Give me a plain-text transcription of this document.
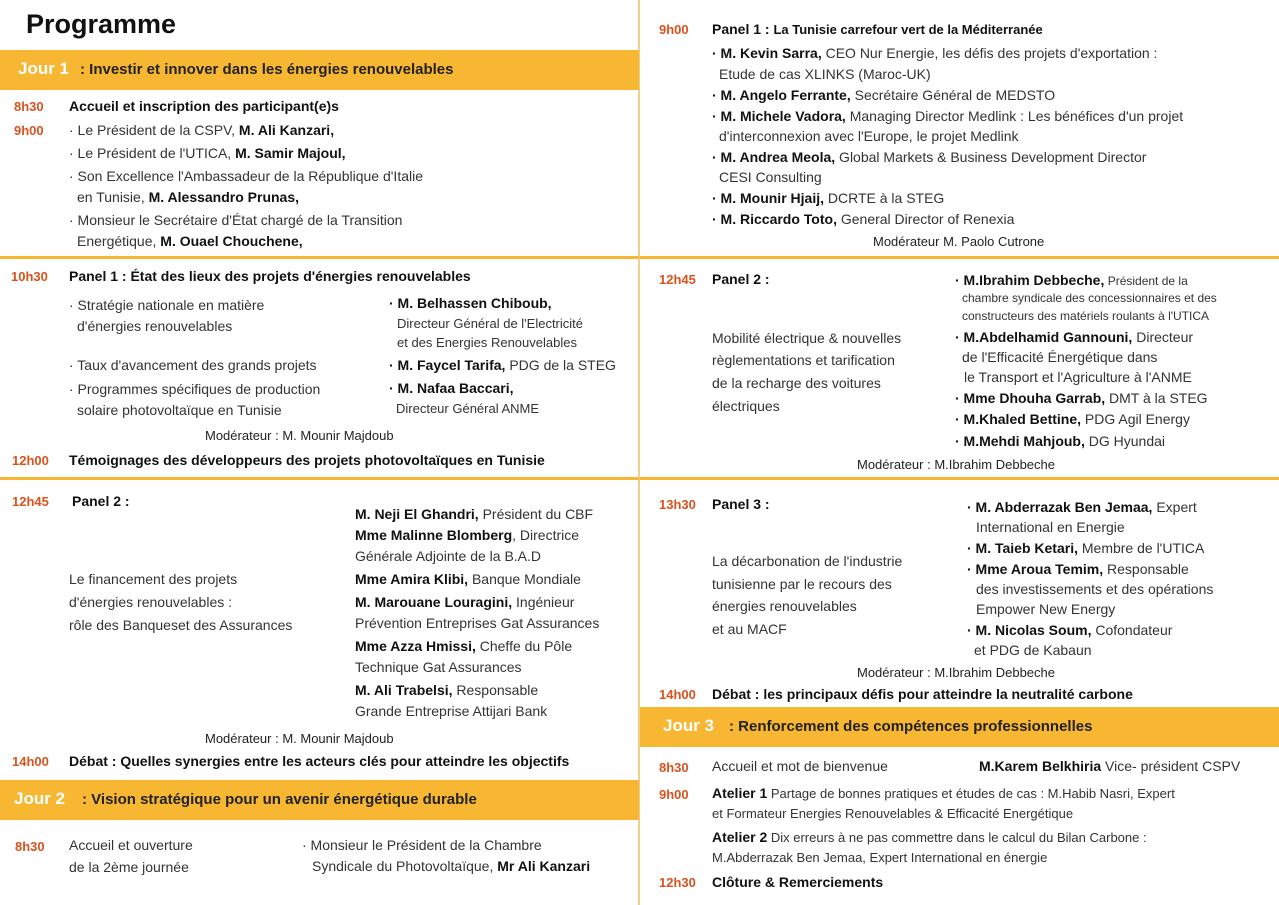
Programme
Jour 1 : Investir et innover dans les énergies renouvelables
8h30 Accueil et inscription des participant(e)s
9h00 · Le Président de la CSPV, M. Ali Kanzari,
· Le Président de l'UTICA, M. Samir Majoul,
· Son Excellence l'Ambassadeur de la République d'Italie
en Tunisie, M. Alessandro Prunas,
· Monsieur le Secrétaire d'État chargé de la Transition
Energétique, M. Ouael Chouchene,
10h30 Panel 1 : État des lieux des projets d'énergies renouvelables
· Stratégie nationale en matière
d'énergies renouvelables
· Taux d'avancement des grands projets
· Programmes spécifiques de production
solaire photovoltaïque en Tunisie
· M. Belhassen Chiboub,
Directeur Général de l'Electricité
et des Energies Renouvelables
· M. Faycel Tarifa, PDG de la STEG
· M. Nafaa Baccari,
Directeur Général ANME
Modérateur : M. Mounir Majdoub
12h00 Témoignages des développeurs des projets photovoltaïques en Tunisie
12h45 Panel 2 :
Le financement des projets
d'énergies renouvelables :
rôle des Banqueset des Assurances
M. Neji El Ghandri, Président du CBF
Mme Malinne Blomberg, Directrice
Générale Adjointe de la B.A.D
Mme Amira Klibi, Banque Mondiale
M. Marouane Louragini, Ingénieur
Prévention Entreprises Gat Assurances
Mme Azza Hmissi, Cheffe du Pôle
Technique Gat Assurances
M. Ali Trabelsi, Responsable
Grande Entreprise Attijari Bank
Modérateur : M. Mounir Majdoub
14h00 Débat : Quelles synergies entre les acteurs clés pour atteindre les objectifs
Jour 2 : Vision stratégique pour un avenir énergétique durable
8h30 Accueil et ouverture
de la 2ème journée
· Monsieur le Président de la Chambre
Syndicale du Photovoltaïque, Mr Ali Kanzari
9h00 Panel 1 : La Tunisie carrefour vert de la Méditerranée
· M. Kevin Sarra, CEO Nur Energie, les défis des projets d'exportation :
Etude de cas XLINKS (Maroc-UK)
· M. Angelo Ferrante, Secrétaire Général de MEDSTO
· M. Michele Vadora, Managing Director Medlink : Les bénéfices d'un projet
d'interconnexion avec l'Europe, le projet Medlink
· M. Andrea Meola, Global Markets & Business Development Director
CESI Consulting
· M. Mounir Hjaij, DCRTE à la STEG
· M. Riccardo Toto, General Director of Renexia
Modérateur M. Paolo Cutrone
12h45 Panel 2 :
Mobilité électrique & nouvelles
règlementations et tarification
de la recharge des voitures
électriques
· M.Ibrahim Debbeche, Président de la
chambre syndicale des concessionnaires et des
constructeurs des matériels roulants à l'UTICA
· M.Abdelhamid Gannouni, Directeur
de l'Efficacité Énergétique dans
le Transport et l'Agriculture à l'ANME
· Mme Dhouha Garrab, DMT à la STEG
· M.Khaled Bettine, PDG Agil Energy
· M.Mehdi Mahjoub, DG Hyundai
Modérateur : M.Ibrahim Debbeche
13h30 Panel 3 :
La décarbonation de l'industrie
tunisienne par le recours des
énergies renouvelables
et au MACF
· M. Abderrazak Ben Jemaa, Expert
International en Energie
· M. Taieb Ketari, Membre de l'UTICA
· Mme Aroua Temim, Responsable
des investissements et des opérations
Empower New Energy
· M. Nicolas Soum, Cofondateur
et PDG de Kabaun
Modérateur : M.Ibrahim Debbeche
14h00 Débat : les principaux défis pour atteindre la neutralité carbone
Jour 3 : Renforcement des compétences professionnelles
8h30 Accueil et mot de bienvenue	M.Karem Belkhiria Vice- président CSPV
9h00 Atelier 1 Partage de bonnes pratiques et études de cas : M.Habib Nasri, Expert
et Formateur Energies Renouvelables & Efficacité Energétique
Atelier 2 Dix erreurs à ne pas commettre dans le calcul du Bilan Carbone :
M.Abderrazak Ben Jemaa, Expert International en énergie
12h30 Clôture & Remerciements
